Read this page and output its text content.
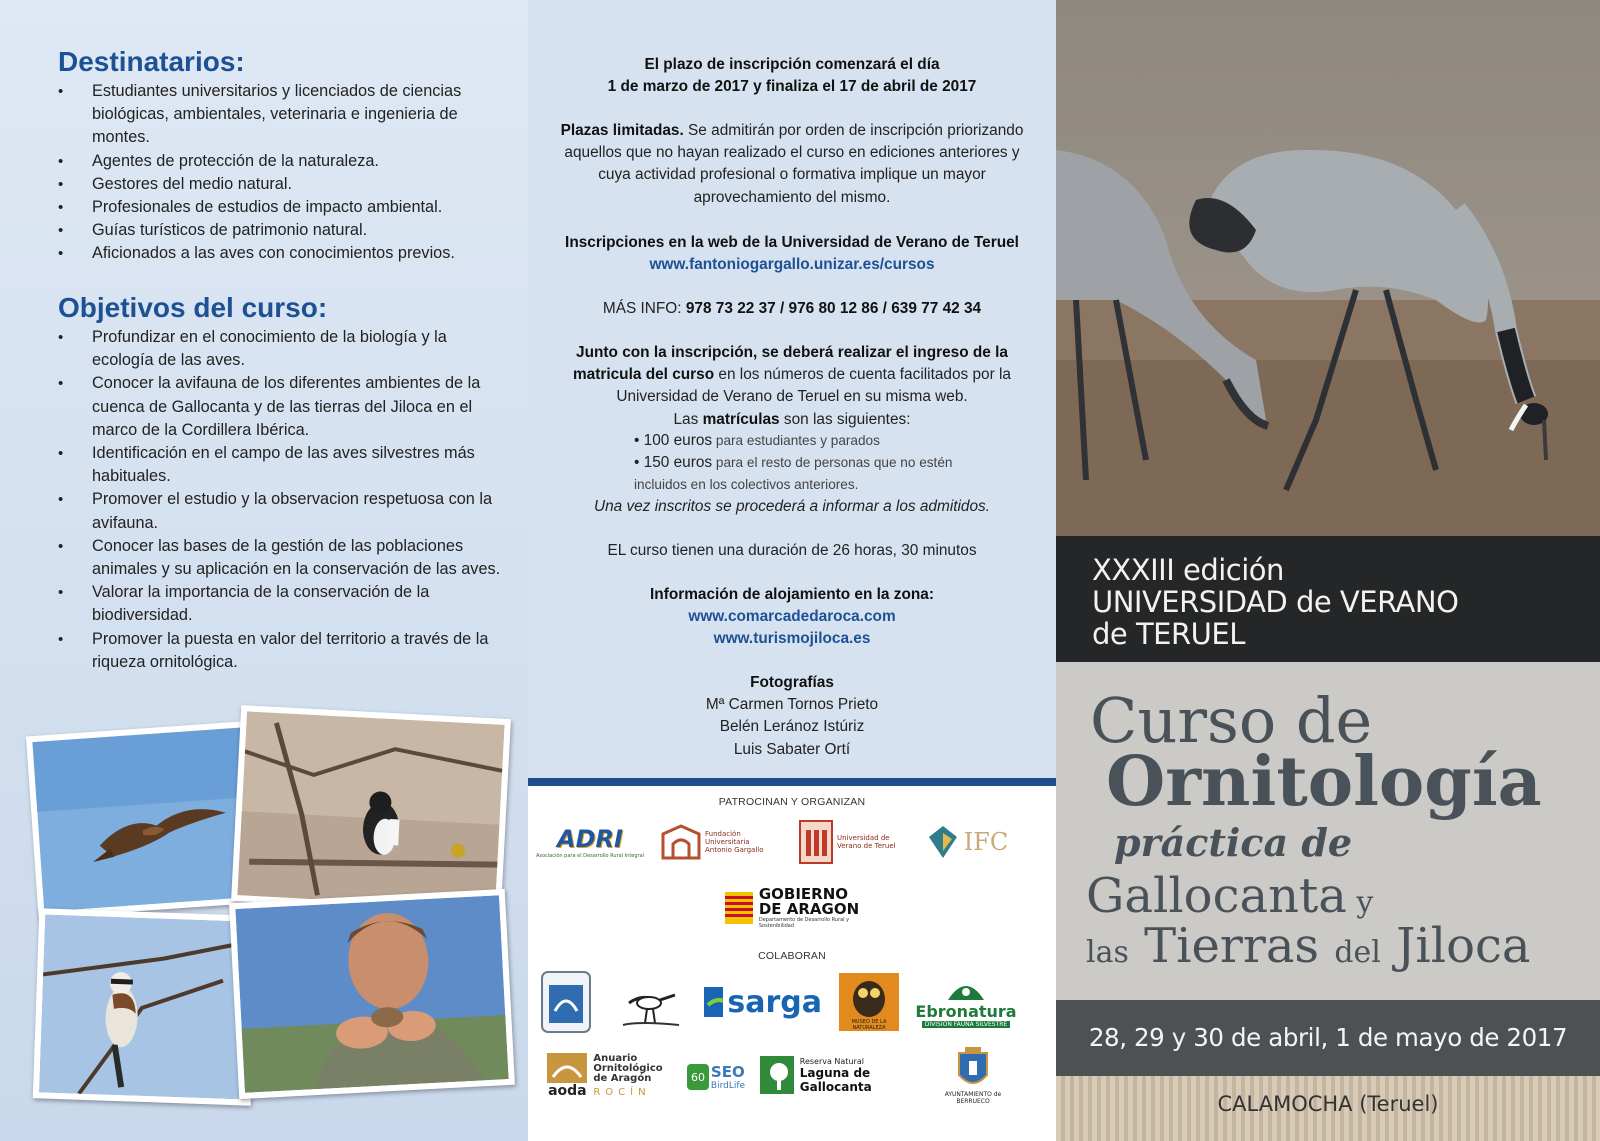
Destinatarios:
• Estudiantes universitarios y licenciados de ciencias biológicas, ambientales, veterinaria e ingenieria de montes.
• Agentes de protección de la naturaleza.
• Gestores del medio natural.
• Profesionales de estudios de impacto ambiental.
• Guías turísticos de patrimonio natural.
• Aficionados a las aves con conocimientos previos.
Objetivos del curso:
• Profundizar en el conocimiento de la biología y la ecología de las aves.
• Conocer la avifauna de los diferentes ambientes de la cuenca de Gallocanta y de las tierras del Jiloca en el marco de la Cordillera Ibérica.
• Identificación en el campo de las aves silvestres más habituales.
• Promover el estudio y la observacion respetuosa con la avifauna.
• Conocer las bases de la gestión de las poblaciones animales y su aplicación en la conservación de las aves.
• Valorar la importancia de la conservación de la biodiversidad.
• Promover la puesta en valor del territorio a través de la riqueza ornitológica.

El plazo de inscripción comenzará el día
1 de marzo de 2017 y finaliza el 17 de abril de 2017

Plazas limitadas. Se admitirán por orden de inscripción priorizando aquellos que no hayan realizado el curso en ediciones anteriores y cuya actividad profesional o formativa implique un mayor aprovechamiento del mismo.

Inscripciones en la web de la Universidad de Verano de Teruel www.fantoniogargallo.unizar.es/cursos

MÁS INFO: 978 73 22 37 / 976 80 12 86 / 639 77 42 34

Junto con la inscripción, se deberá realizar el ingreso de la matricula del curso en los números de cuenta facilitados por la Universidad de Verano de Teruel en su misma web.
Las matrículas son las siguientes:

• 100 euros para estudiantes y parados
• 150 euros para el resto de personas que no estén incluidos en los colectivos anteriores.

Una vez inscritos se procederá a informar a los admitidos.

EL curso tienen una duración de 26 horas, 30 minutos

Información de alojamiento en la zona:
www.comarcadedaroca.com
www.turismojiloca.es

Fotografías
Mª Carmen Tornos Prieto
Belén Leránoz Istúriz
Luis Sabater Ortí

PATROCINAN Y ORGANIZAN
ADRI
Asociación para el Desarrollo Rural Integral
Fundación Universitaria Antonio Gargallo
Universidad de Verano de Teruel	IFC
GOBIERNO
DE ARAGON
Departamento de Desarrollo Rural y Sostenibilidad
COLABORAN
sarga
MUSEO DE LA NATURALEZA
Ebronatura
DIVISIÓN FAUNA SILVESTRE
aoda
Anuario
Ornitológico
de Aragón
ROCÍN
60 SEO
BirdLife
Reserva Natural
Laguna de Gallocanta
AYUNTAMIENTO de BERRUECO
XXXIII edición
UNIVERSIDAD de VERANO
de TERUEL
Curso de
Ornitología
práctica de
Gallocanta y
las Tierras del Jiloca
28, 29 y 30 de abril, 1 de mayo de 2017
CALAMOCHA (Teruel)
